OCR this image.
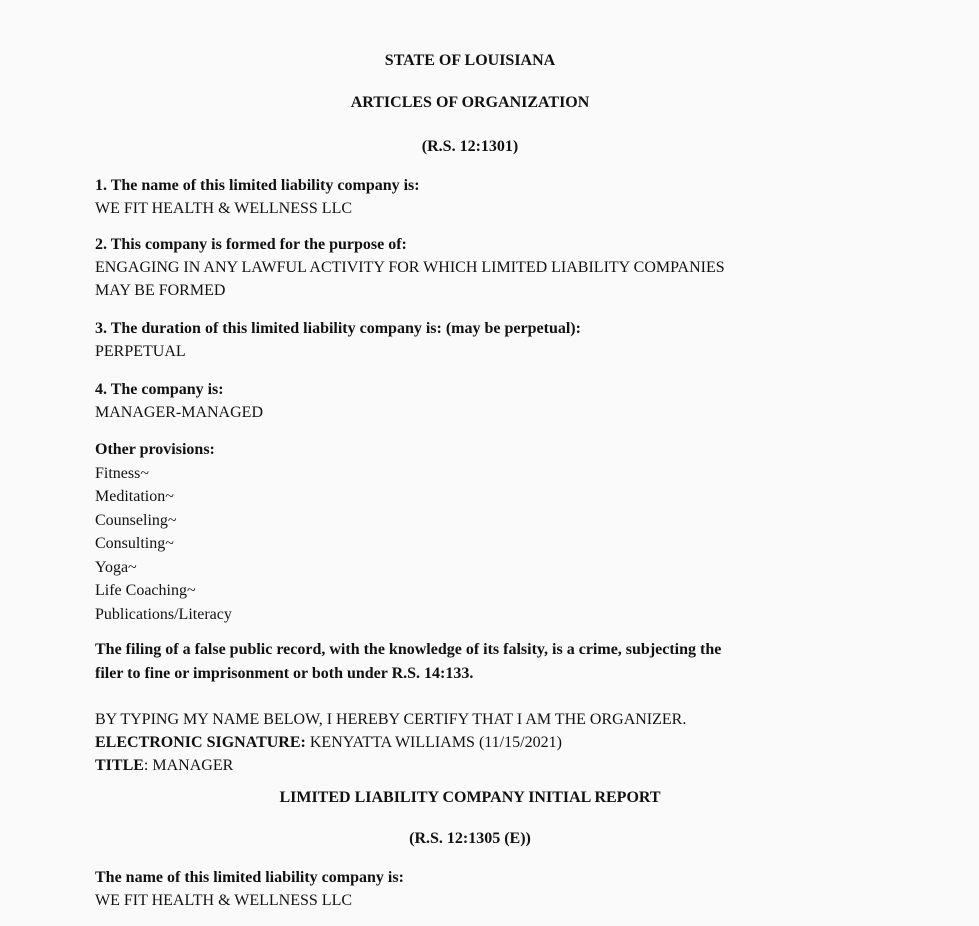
STATE OF LOUISIANA
ARTICLES OF ORGANIZATION
(R.S. 12:1301)
1. The name of this limited liability company is:
WE FIT HEALTH & WELLNESS LLC
2. This company is formed for the purpose of:
ENGAGING IN ANY LAWFUL ACTIVITY FOR WHICH LIMITED LIABILITY COMPANIES
MAY BE FORMED
3. The duration of this limited liability company is: (may be perpetual):
PERPETUAL
4. The company is:
MANAGER-MANAGED
Other provisions:
Fitness~
Meditation~
Counseling~
Consulting~
Yoga~
Life Coaching~
Publications/Literacy
The filing of a false public record, with the knowledge of its falsity, is a crime, subjecting the
filer to fine or imprisonment or both under R.S. 14:133.
BY TYPING MY NAME BELOW, I HEREBY CERTIFY THAT I AM THE ORGANIZER.
ELECTRONIC SIGNATURE: KENYATTA WILLIAMS (11/15/2021)
TITLE: MANAGER
LIMITED LIABILITY COMPANY INITIAL REPORT
(R.S. 12:1305 (E))
The name of this limited liability company is:
WE FIT HEALTH & WELLNESS LLC
